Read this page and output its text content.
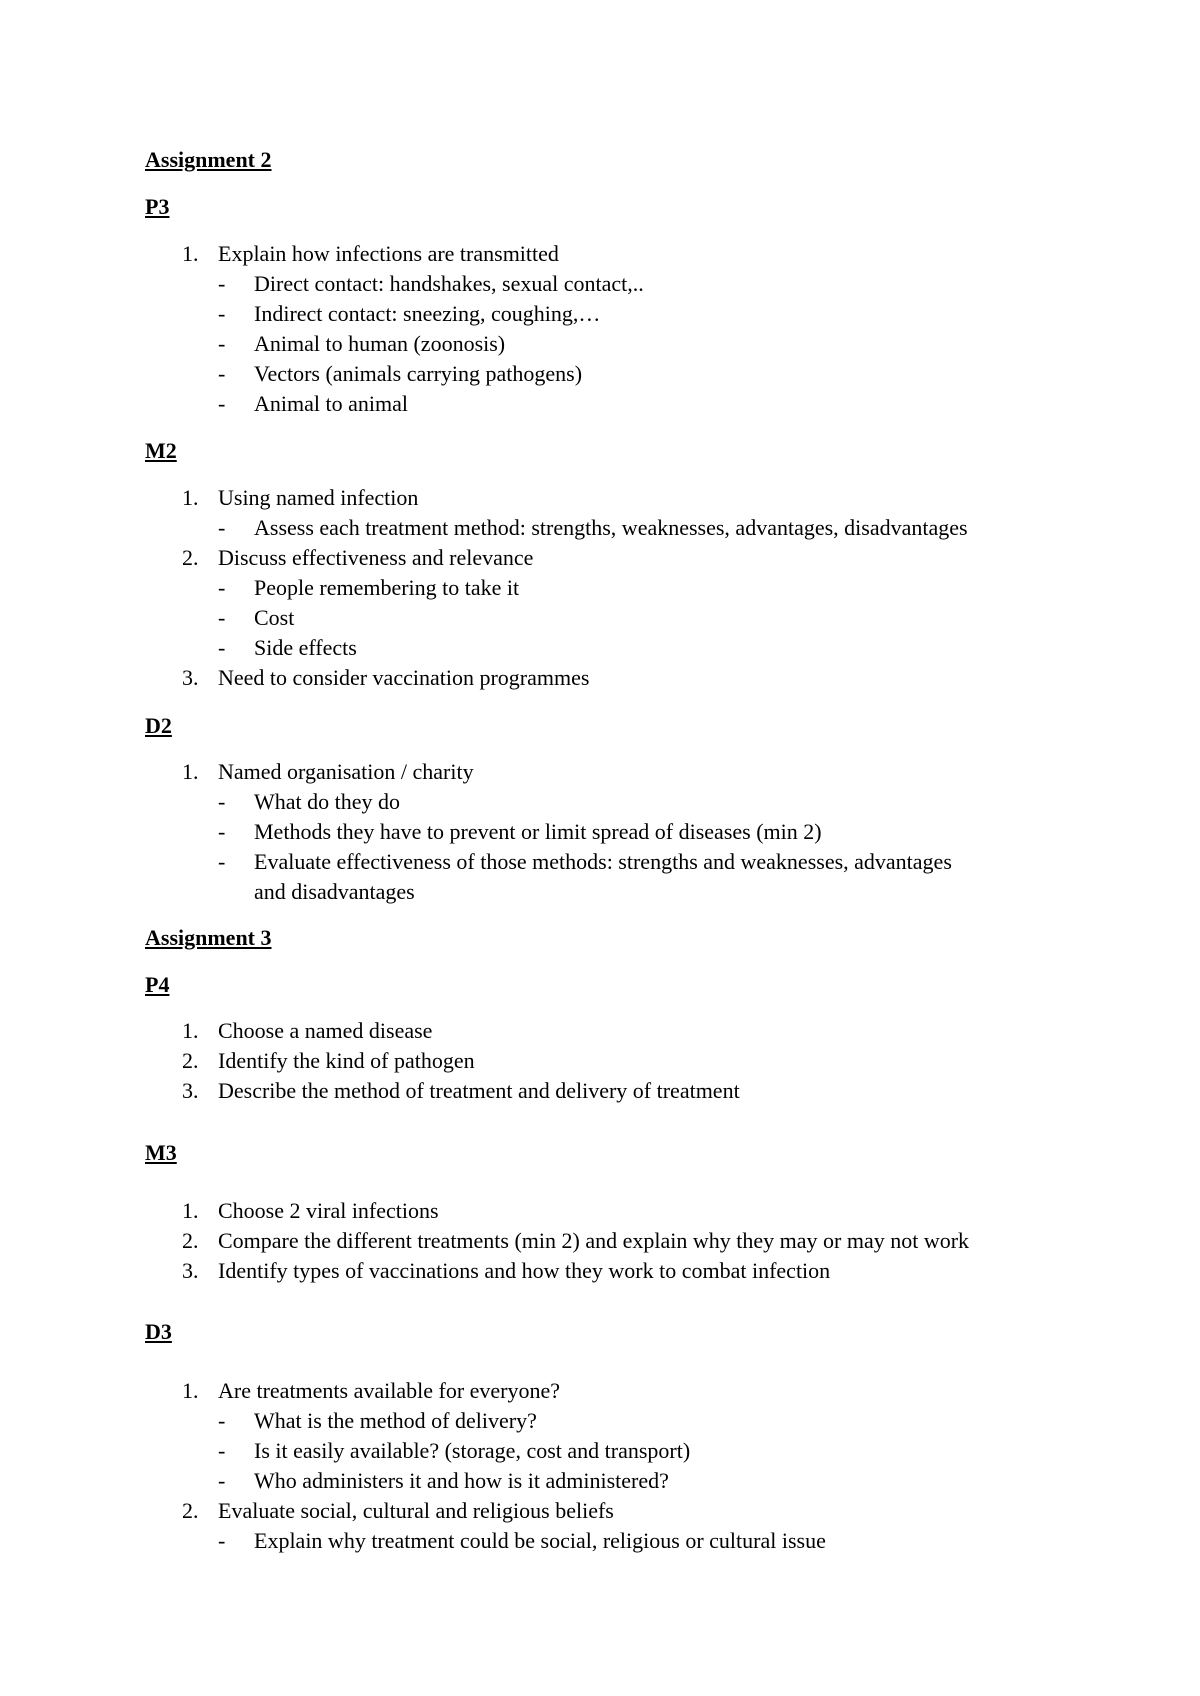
Assignment 2
P3
1. Explain how infections are transmitted
- Direct contact: handshakes, sexual contact,..
- Indirect contact: sneezing, coughing,…
- Animal to human (zoonosis)
- Vectors (animals carrying pathogens)
- Animal to animal
M2
1. Using named infection
- Assess each treatment method: strengths, weaknesses, advantages, disadvantages
2. Discuss effectiveness and relevance
- People remembering to take it
- Cost
- Side effects
3. Need to consider vaccination programmes
D2
1. Named organisation / charity
- What do they do
- Methods they have to prevent or limit spread of diseases (min 2)
- Evaluate effectiveness of those methods: strengths and weaknesses, advantages
and disadvantages
Assignment 3
P4
1. Choose a named disease
2. Identify the kind of pathogen
3. Describe the method of treatment and delivery of treatment
M3
1. Choose 2 viral infections
2. Compare the different treatments (min 2) and explain why they may or may not work
3. Identify types of vaccinations and how they work to combat infection
D3
1. Are treatments available for everyone?
- What is the method of delivery?
- Is it easily available? (storage, cost and transport)
- Who administers it and how is it administered?
2. Evaluate social, cultural and religious beliefs
- Explain why treatment could be social, religious or cultural issue
